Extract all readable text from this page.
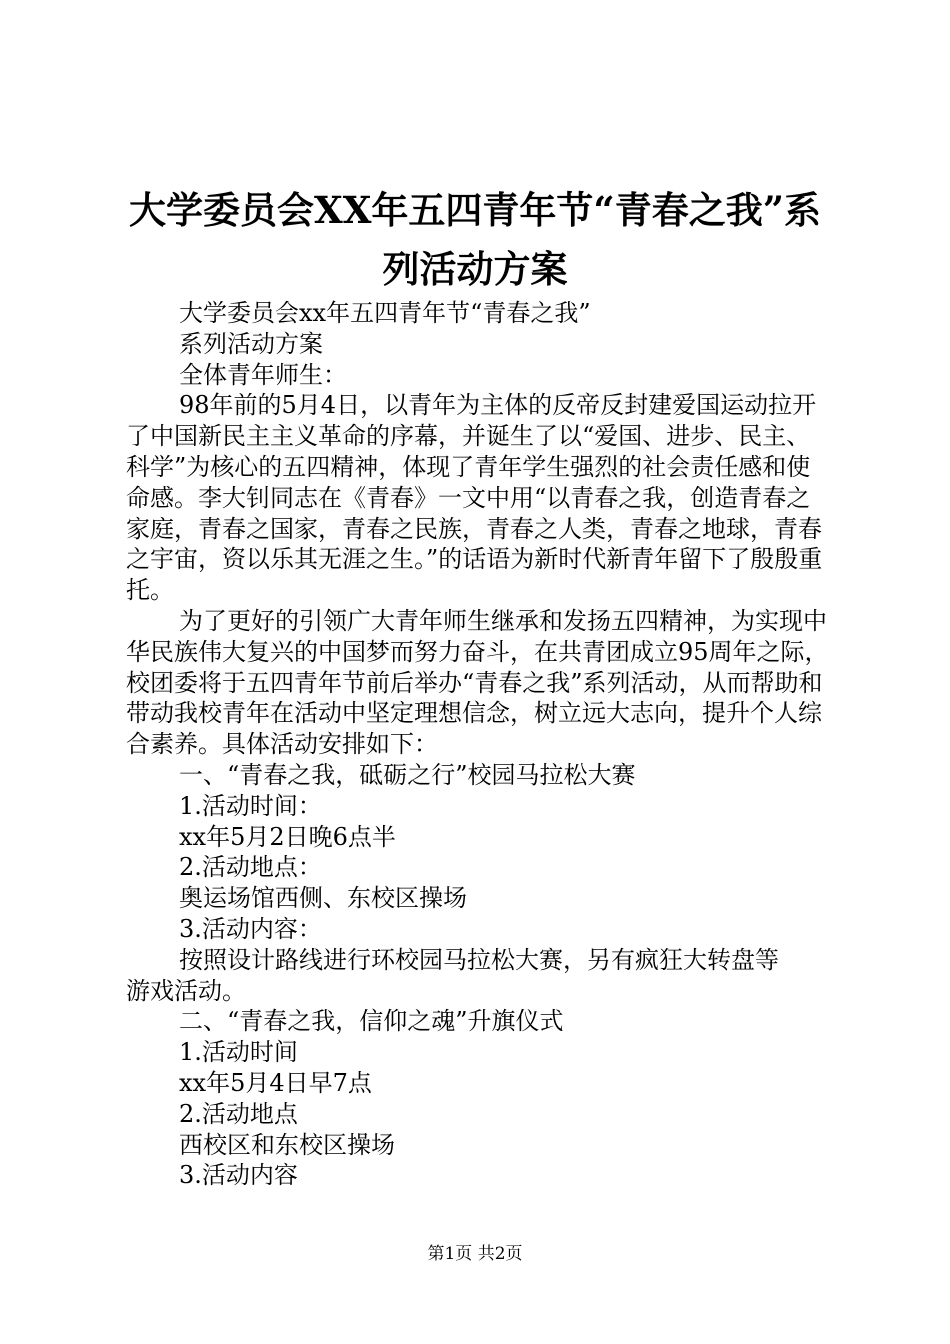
大学委员会XX年五四青年节“青春之我”系
列活动方案

大学委员会xx年五四青年节“青春之我”

系列活动方案

全体青年师生：

98年前的5月4日，以青年为主体的反帝反封建爱国运动拉开了中国新民主主义革命的序幕，并诞生了以“爱国、进步、民主、科学”为核心的五四精神，体现了青年学生强烈的社会责任感和使命感。李大钊同志在《青春》一文中用“以青春之我，创造青春之家庭，青春之国家，青春之民族，青春之人类，青春之地球，青春之宇宙，资以乐其无涯之生。”的话语为新时代新青年留下了殷殷重托。

为了更好的引领广大青年师生继承和发扬五四精神，为实现中华民族伟大复兴的中国梦而努力奋斗，在共青团成立95周年之际，校团委将于五四青年节前后举办“青春之我”系列活动，从而帮助和带动我校青年在活动中坚定理想信念，树立远大志向，提升个人综合素养。具体活动安排如下：

一、“青春之我，砥砺之行”校园马拉松大赛

1.活动时间：

xx年5月2日晚6点半

2.活动地点：

奥运场馆西侧、东校区操场

3.活动内容：

按照设计路线进行环校园马拉松大赛，另有疯狂大转盘等游戏活动。

二、“青春之我，信仰之魂”升旗仪式

1.活动时间

xx年5月4日早7点

2.活动地点

西校区和东校区操场

3.活动内容

第1页 共2页
